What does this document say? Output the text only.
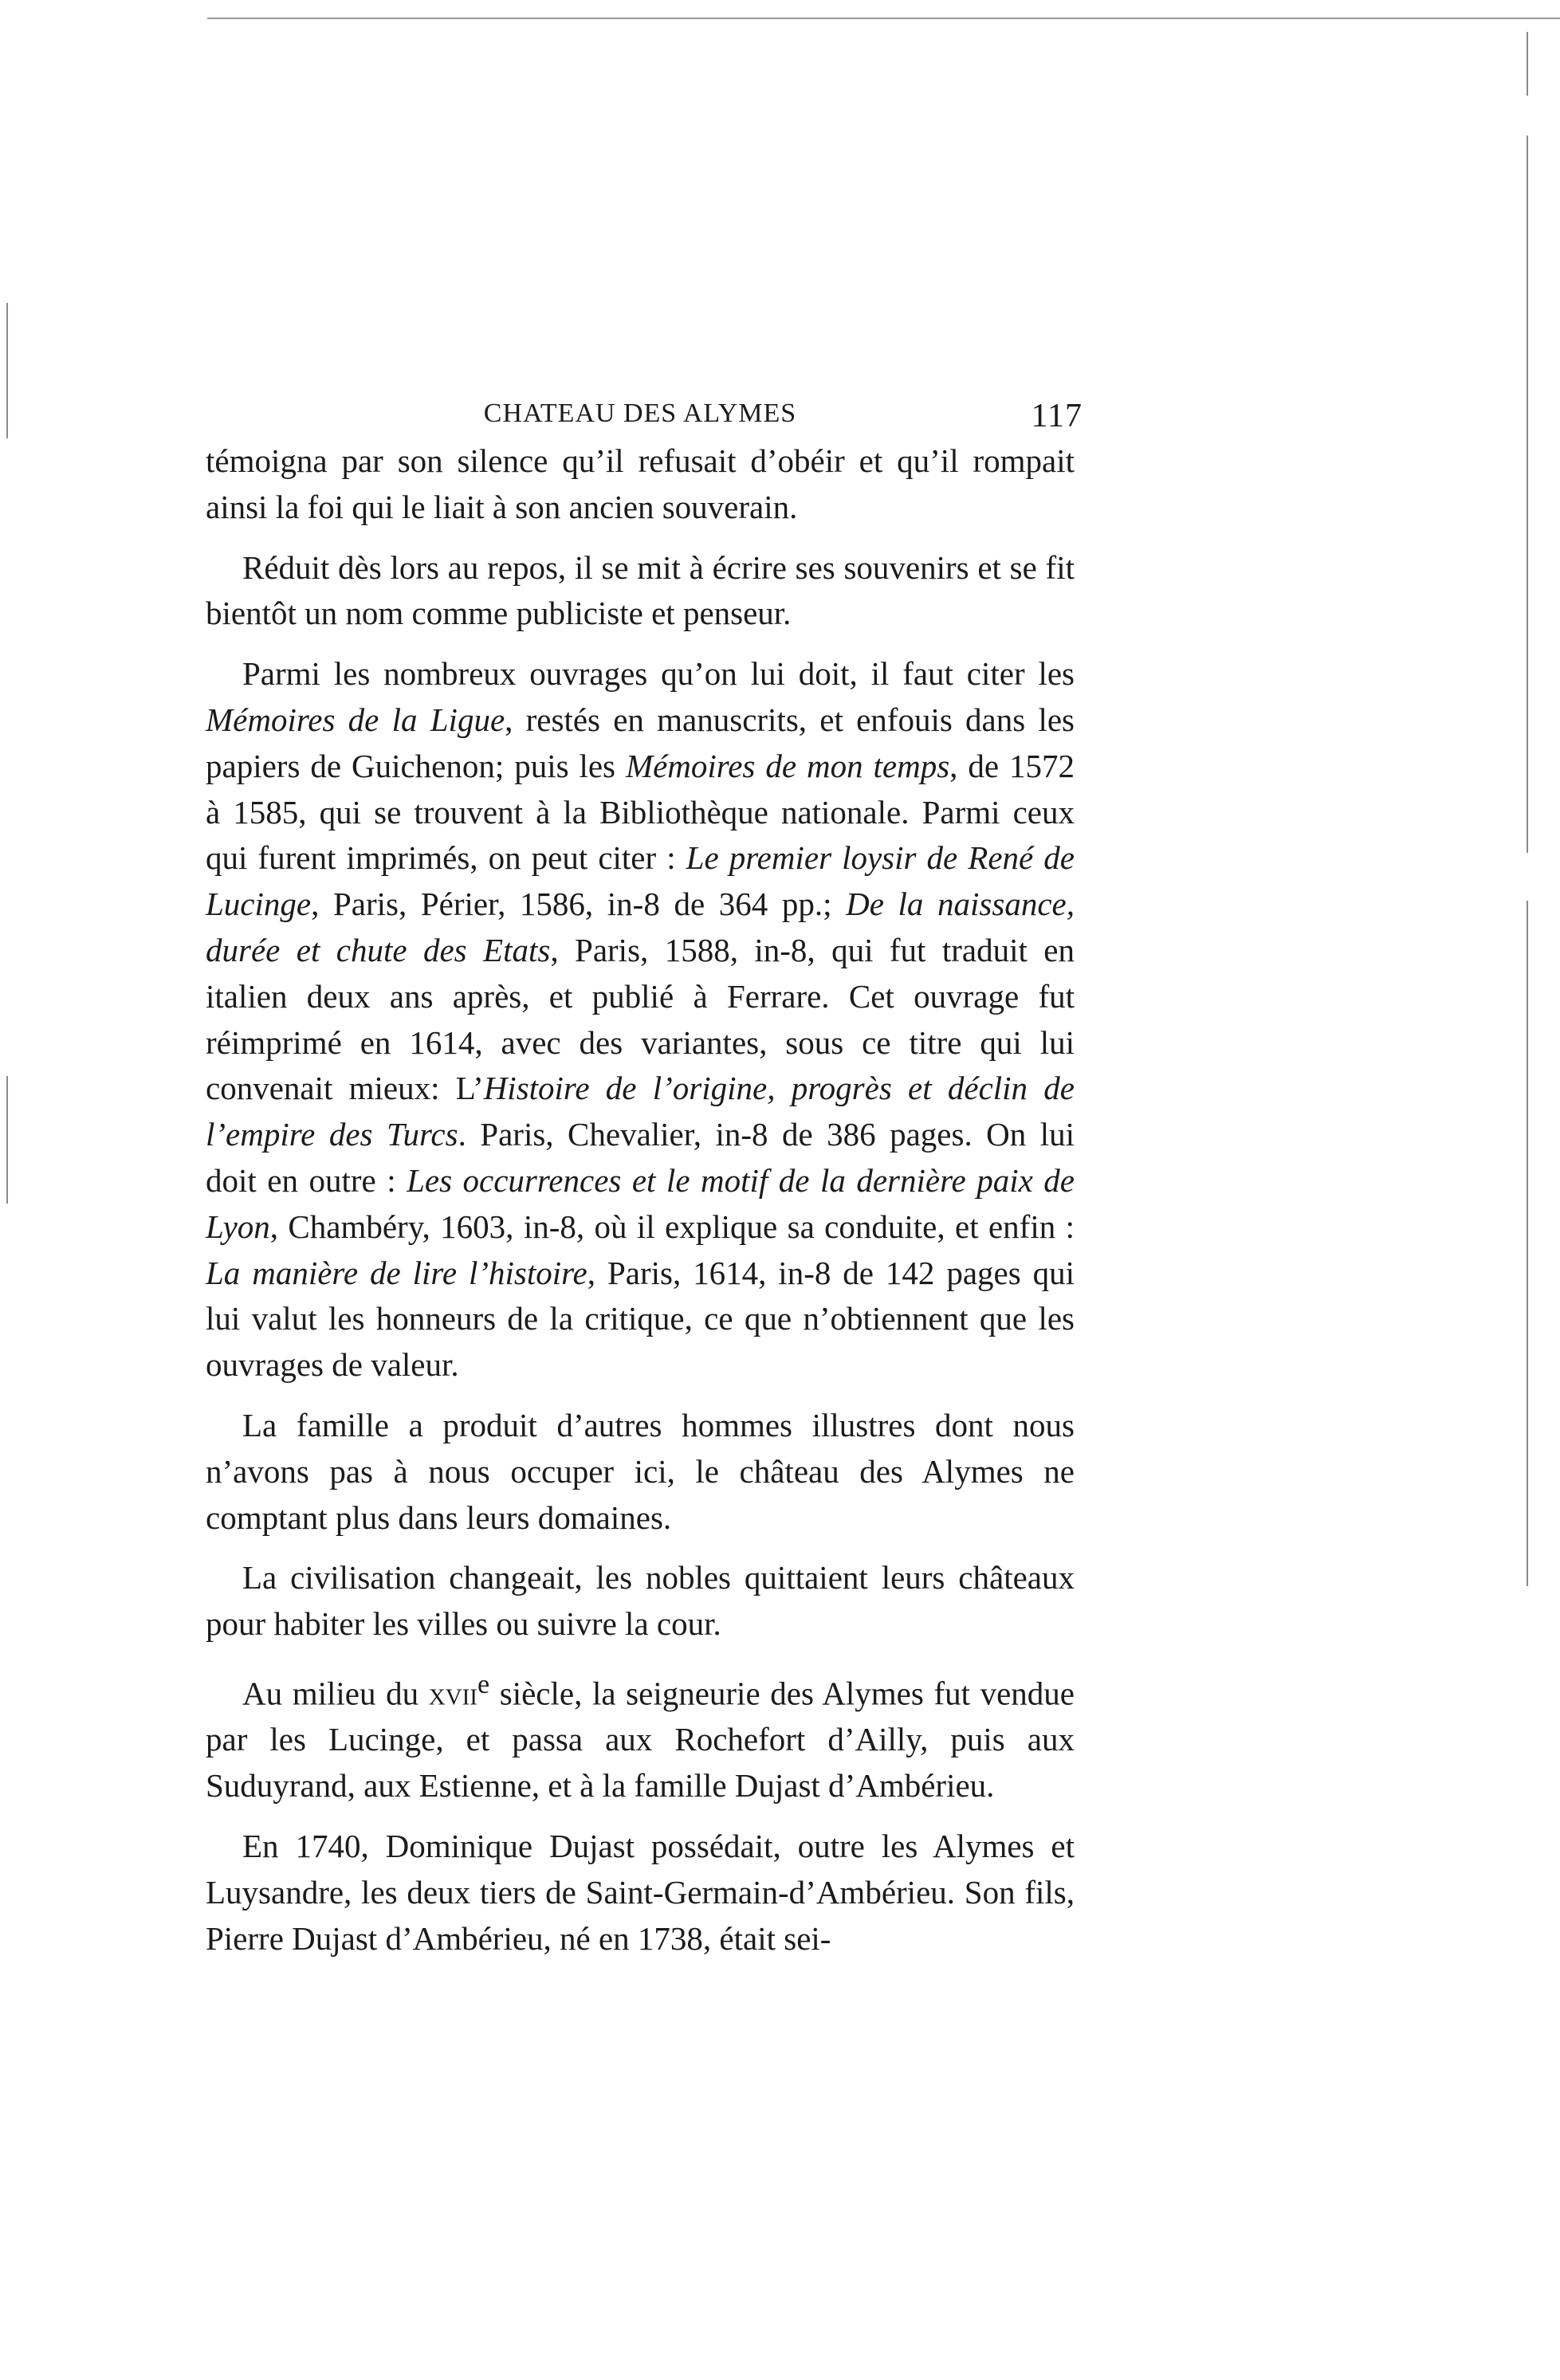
CHATEAU DES ALYMES	117

témoigna par son silence qu’il refusait d’obéir et qu’il rompait ainsi la foi qui le liait à son ancien souverain.

Réduit dès lors au repos, il se mit à écrire ses souvenirs et se fit bientôt un nom comme publiciste et penseur.

Parmi les nombreux ouvrages qu’on lui doit, il faut citer les Mémoires de la Ligue, restés en manuscrits, et enfouis dans les papiers de Guichenon; puis les Mémoires de mon temps, de 1572 à 1585, qui se trouvent à la Bibliothèque nationale. Parmi ceux qui furent imprimés, on peut citer : Le premier loysir de René de Lucinge, Paris, Périer, 1586, in-8 de 364 pp.; De la naissance, durée et chute des Etats, Paris, 1588, in-8, qui fut traduit en italien deux ans après, et publié à Ferrare. Cet ouvrage fut réimprimé en 1614, avec des variantes, sous ce titre qui lui convenait mieux: L’Histoire de l’origine, progrès et déclin de l’empire des Turcs. Paris, Chevalier, in-8 de 386 pages. On lui doit en outre : Les occurrences et le motif de la dernière paix de Lyon, Chambéry, 1603, in-8, où il explique sa conduite, et enfin : La manière de lire l’histoire, Paris, 1614, in-8 de 142 pages qui lui valut les honneurs de la critique, ce que n’obtiennent que les ouvrages de valeur.

La famille a produit d’autres hommes illustres dont nous n’avons pas à nous occuper ici, le château des Alymes ne comptant plus dans leurs domaines.

La civilisation changeait, les nobles quittaient leurs châteaux pour habiter les villes ou suivre la cour.

Au milieu du xvii$^e$ siècle, la seigneurie des Alymes fut vendue par les Lucinge, et passa aux Rochefort d’Ailly, puis aux Suduyrand, aux Estienne, et à la famille Dujast d’Ambérieu.

En 1740, Dominique Dujast possédait, outre les Alymes et Luysandre, les deux tiers de Saint-Germain-d’Ambérieu. Son fils, Pierre Dujast d’Ambérieu, né en 1738, était sei-
